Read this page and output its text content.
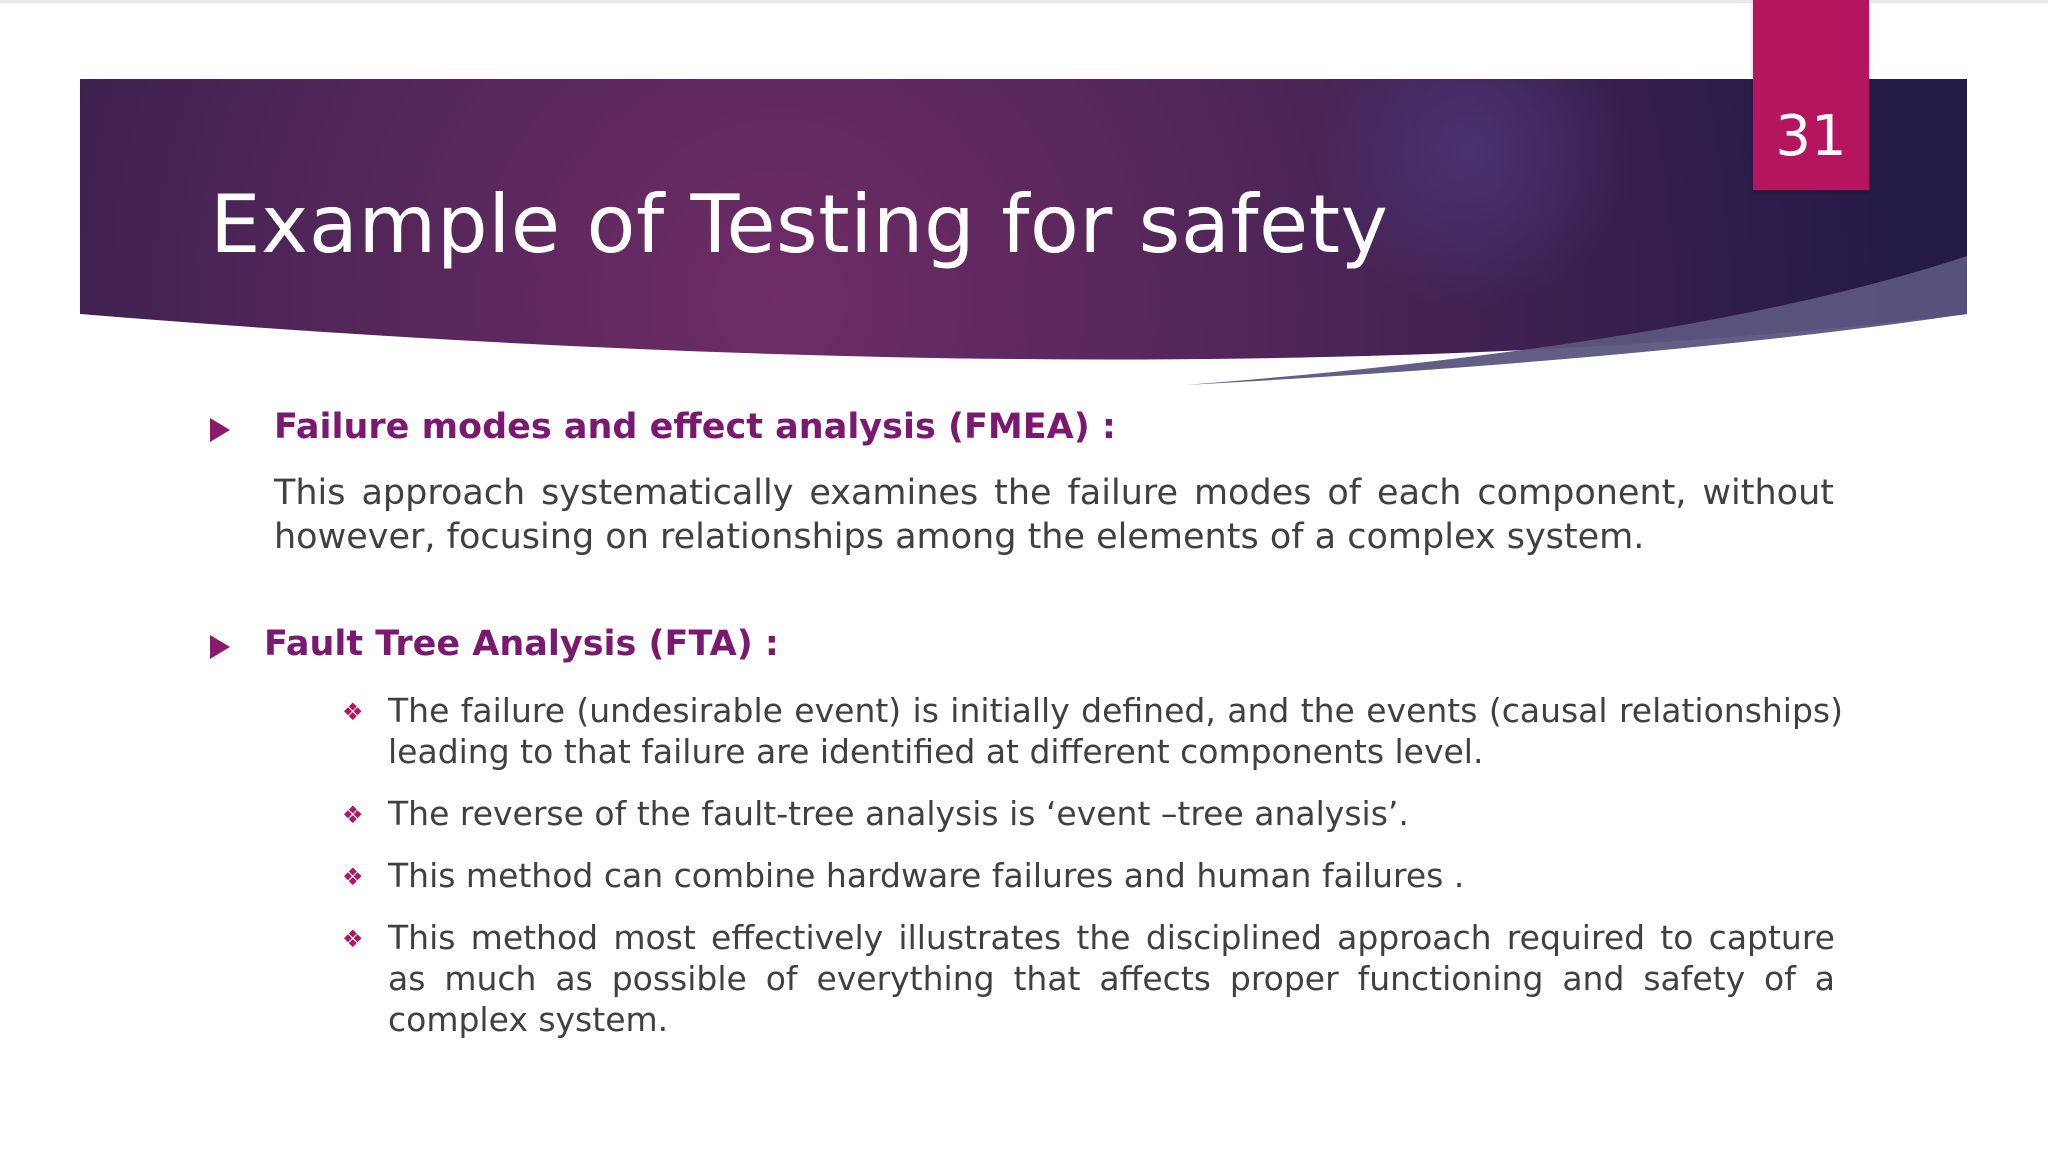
Example of Testing for safety
31
Failure modes and effect analysis (FMEA) :
This approach systematically examines the failure modes of each component, without however, focusing on relationships among the elements of a complex system.
Fault Tree Analysis (FTA) :
❖ The failure (undesirable event) is initially defined, and the events (causal relationships) leading to that failure are identified at different components level.
❖ The reverse of the fault-tree analysis is ‘event –tree analysis’.
❖ This method can combine hardware failures and human failures .
❖ This method most effectively illustrates the disciplined approach required to capture as much as possible of everything that affects proper functioning and safety of a complex system.
